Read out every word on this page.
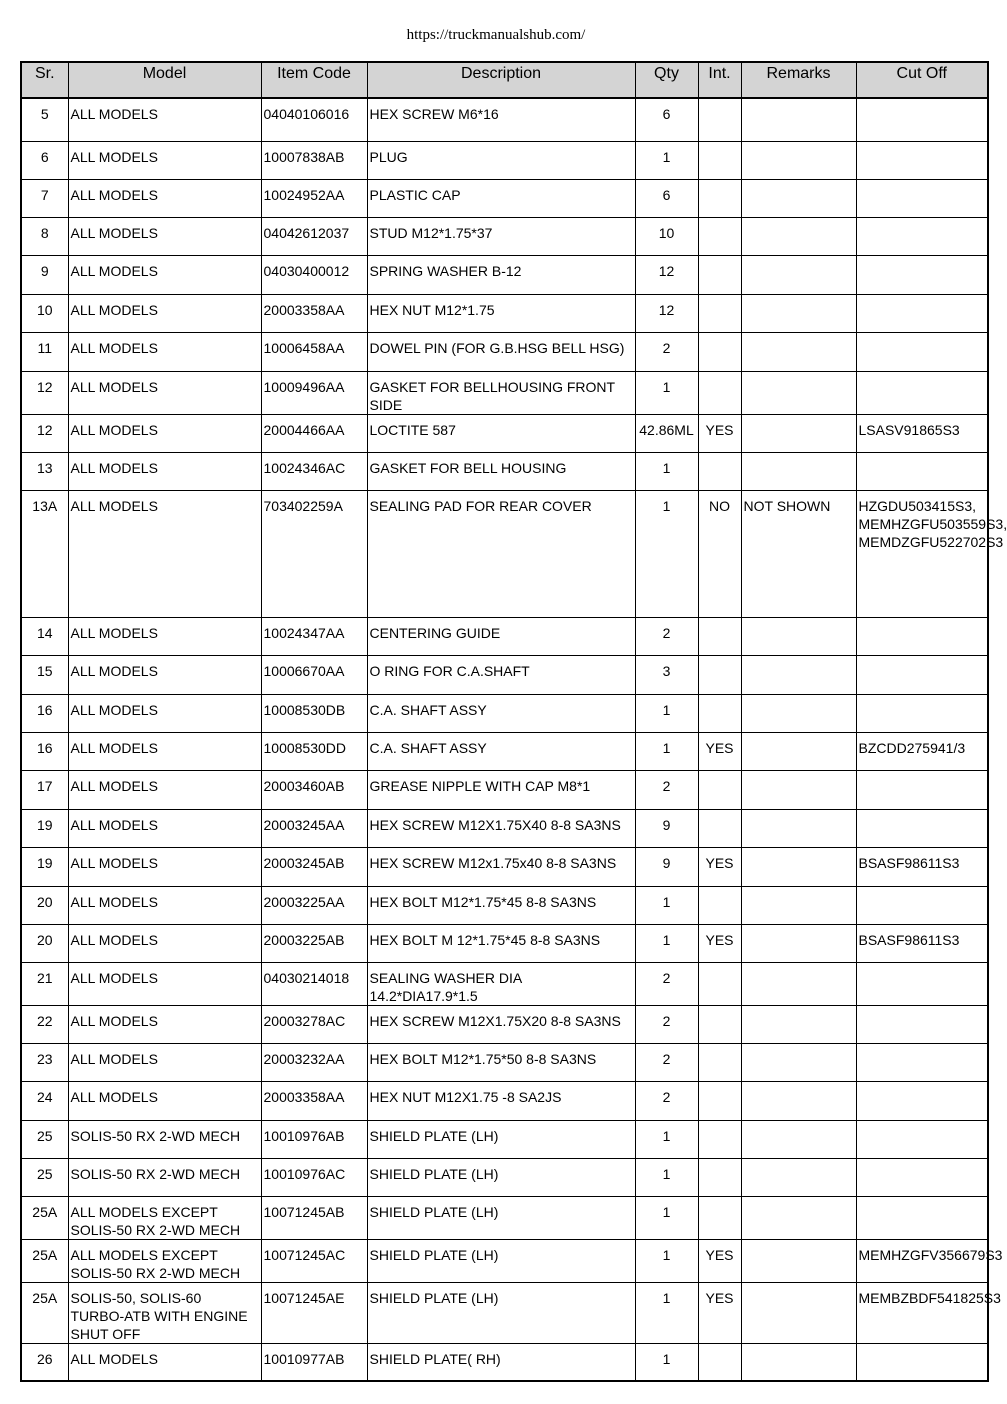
https://truckmanualshub.com/
Sr.	Model	Item Code	Description	Qty	Int.	Remarks	Cut Off
5	ALL MODELS	04040106016	HEX SCREW M6*16	6			
6	ALL MODELS	10007838AB	PLUG	1			
7	ALL MODELS	10024952AA	PLASTIC CAP	6			
8	ALL MODELS	04042612037	STUD M12*1.75*37	10			
9	ALL MODELS	04030400012	SPRING WASHER B-12	12			
10	ALL MODELS	20003358AA	HEX NUT M12*1.75	12			
11	ALL MODELS	10006458AA	DOWEL PIN (FOR G.B.HSG BELL HSG)	2			
12	ALL MODELS	10009496AA	GASKET FOR BELLHOUSING FRONT SIDE	1			
12	ALL MODELS	20004466AA	LOCTITE 587	42.86ML	YES		LSASV91865S3
13	ALL MODELS	10024346AC	GASKET FOR BELL HOUSING	1			
13A	ALL MODELS	703402259A	SEALING PAD FOR REAR COVER	1	NO	NOT SHOWN	HZGDU503415S3, MEMHZGFU503559S3, MEMDZGFU522702S3
14	ALL MODELS	10024347AA	CENTERING GUIDE	2			
15	ALL MODELS	10006670AA	O RING FOR C.A.SHAFT	3			
16	ALL MODELS	10008530DB	C.A. SHAFT ASSY	1			
16	ALL MODELS	10008530DD	C.A. SHAFT ASSY	1	YES		BZCDD275941/3
17	ALL MODELS	20003460AB	GREASE NIPPLE WITH CAP M8*1	2			
19	ALL MODELS	20003245AA	HEX SCREW M12X1.75X40 8-8 SA3NS	9			
19	ALL MODELS	20003245AB	HEX SCREW M12x1.75x40 8-8 SA3NS	9	YES		BSASF98611S3
20	ALL MODELS	20003225AA	HEX BOLT M12*1.75*45 8-8 SA3NS	1			
20	ALL MODELS	20003225AB	HEX BOLT M 12*1.75*45 8-8 SA3NS	1	YES		BSASF98611S3
21	ALL MODELS	04030214018	SEALING WASHER DIA 14.2*DIA17.9*1.5	2			
22	ALL MODELS	20003278AC	HEX SCREW M12X1.75X20 8-8 SA3NS	2			
23	ALL MODELS	20003232AA	HEX BOLT M12*1.75*50 8-8 SA3NS	2			
24	ALL MODELS	20003358AA	HEX NUT M12X1.75 -8 SA2JS	2			
25	SOLIS-50 RX 2-WD MECH	10010976AB	SHIELD PLATE (LH)	1			
25	SOLIS-50 RX 2-WD MECH	10010976AC	SHIELD PLATE (LH)	1			
25A	ALL MODELS EXCEPT SOLIS-50 RX 2-WD MECH	10071245AB	SHIELD PLATE (LH)	1			
25A	ALL MODELS EXCEPT SOLIS-50 RX 2-WD MECH	10071245AC	SHIELD PLATE (LH)	1	YES		MEMHZGFV356679S3
25A	SOLIS-50, SOLIS-60 TURBO-ATB WITH ENGINE SHUT OFF	10071245AE	SHIELD PLATE (LH)	1	YES		MEMBZBDF541825S3
26	ALL MODELS	10010977AB	SHIELD PLATE( RH)	1			
